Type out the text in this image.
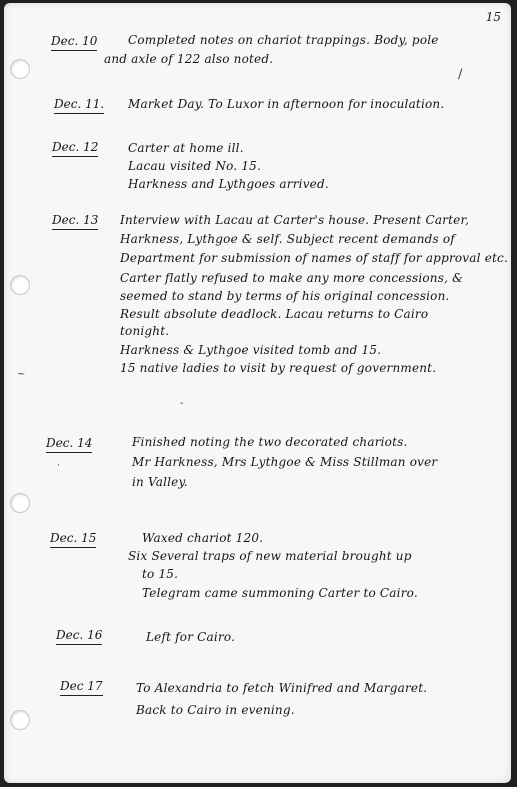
15
~
-
·
/
Dec. 10	Completed notes on chariot trappings. Body, pole
and axle of 122 also noted.
Dec. 11. Market Day. To Luxor in afternoon for inoculation.
Dec. 12 Carter at home ill.
Lacau visited No. 15.
Harkness and Lythgoes arrived.
Dec. 13 Interview with Lacau at Carter's house. Present Carter,
Harkness, Lythgoe & self. Subject recent demands of
Department for submission of names of staff for approval etc.
Carter flatly refused to make any more concessions, &
seemed to stand by terms of his original concession.
Result absolute deadlock. Lacau returns to Cairo
tonight.
Harkness & Lythgoe visited tomb and 15.
15 native ladies to visit by request of government.
Dec. 14	Finished noting the two decorated chariots.
Mr Harkness, Mrs Lythgoe & Miss Stillman over
in Valley.
Dec. 15	Waxed chariot 120.
Six Several traps of new material brought up
to 15.
Telegram came summoning Carter to Cairo.
Dec. 16	Left for Cairo.
Dec 17	To Alexandria to fetch Winifred and Margaret.
Back to Cairo in evening.
